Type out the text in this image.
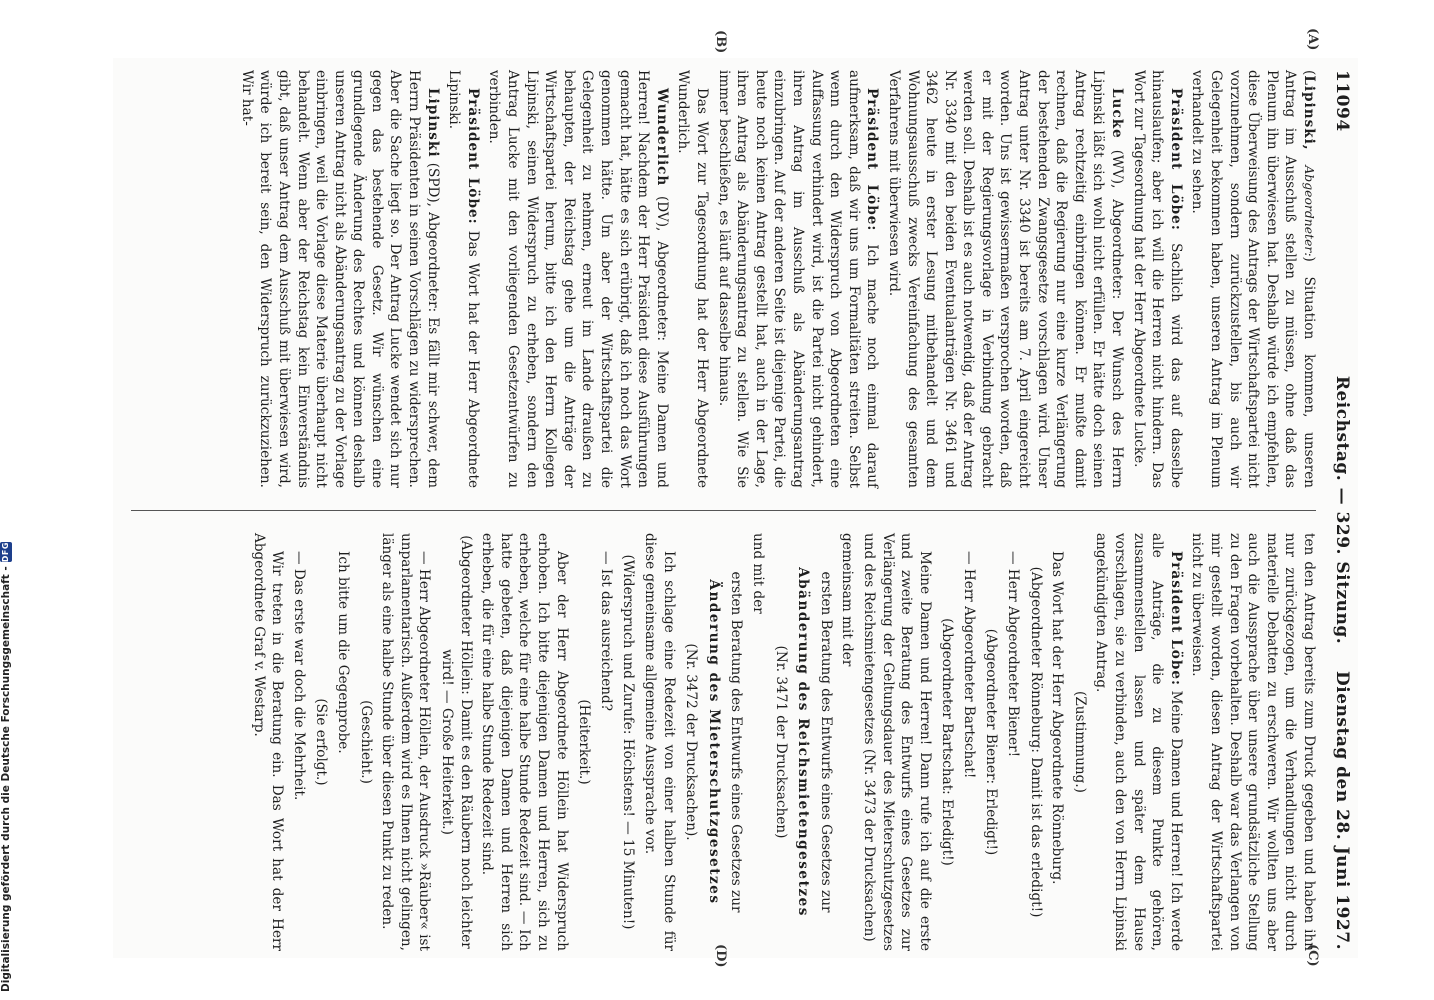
11094
Reichstag. — 329. Sitzung.
Dienstag den 28. Juni 1927.
(A)
(B)
(C)
(D)

(Lipinski, Abgeordneter:) Situation kommen, unseren Antrag im Ausschuß stellen zu müssen, ohne daß das Plenum ihn überwiesen hat. Deshalb würde ich empfehlen, diese Überweisung des Antrags der Wirtschaftspartei nicht vorzunehmen, sondern zurückzustellen, bis auch wir Gelegenheit bekommen haben, unseren Antrag im Plenum verhandelt zu sehen.

Präsident Löbe: Sachlich wird das auf dasselbe hinauslaufen; aber ich will die Herren nicht hindern. Das Wort zur Tagesordnung hat der Herr Abgeordnete Lucke.

Lucke (WV), Abgeordneter: Der Wunsch des Herrn Lipinski läßt sich wohl nicht erfüllen. Er hätte doch seinen Antrag rechtzeitig einbringen können. Er mußte damit rechnen, daß die Regierung nur eine kurze Verlängerung der bestehenden Zwangsgesetze vorschlagen wird. Unser Antrag unter Nr. 3340 ist bereits am 7. April eingereicht worden. Uns ist gewissermaßen versprochen worden, daß er mit der Regierungsvorlage in Verbindung gebracht werden soll. Deshalb ist es auch notwendig, daß der Antrag Nr. 3340 mit den beiden Eventualanträgen Nr. 3461 und 3462 heute in erster Lesung mitbehandelt und dem Wohnungsausschuß zwecks Vereinfachung des gesamten Verfahrens mit überwiesen wird.

Präsident Löbe: Ich mache noch einmal darauf aufmerksam, daß wir uns um Formalitäten streiten. Selbst wenn durch den Widerspruch von Abgeordneten eine Auffassung verhindert wird, ist die Partei nicht gehindert, ihren Antrag im Ausschuß als Abänderungsantrag einzubringen. Auf der anderen Seite ist diejenige Partei, die heute noch keinen Antrag gestellt hat, auch in der Lage, ihren Antrag als Abänderungsantrag zu stellen. Wie Sie immer beschließen, es läuft auf dasselbe hinaus.

Das Wort zur Tagesordnung hat der Herr Abgeordnete Wunderlich.

Wunderlich (DV), Abgeordneter: Meine Damen und Herren! Nachdem der Herr Präsident diese Ausführungen gemacht hat, hätte es sich erübrigt, daß ich noch das Wort genommen hätte. Um aber der Wirtschaftspartei die Gelegenheit zu nehmen, erneut im Lande draußen zu behaupten, der Reichstag gehe um die Anträge der Wirtschaftspartei herum, bitte ich den Herrn Kollegen Lipinski, seinen Widerspruch zu erheben, sondern den Antrag Lucke mit den vorliegenden Gesetzentwürfen zu verbinden.

Präsident Löbe: Das Wort hat der Herr Abgeordnete Lipinski.

Lipinski (SPD), Abgeordneter: Es fällt mir schwer, dem Herrn Präsidenten in seinen Vorschlägen zu widersprechen. Aber die Sache liegt so. Der Antrag Lucke wendet sich nur gegen das bestehende Gesetz. Wir wünschen eine grundlegende Änderung des Rechtes und können deshalb unseren Antrag nicht als Abänderungsantrag zu der Vorlage einbringen, weil die Vorlage diese Materie überhaupt nicht behandelt. Wenn aber der Reichstag kein Einverständnis gibt, daß unser Antrag dem Ausschuß mit überwiesen wird, würde ich bereit sein, den Widerspruch zurückzuziehen. Wir hat-

ten den Antrag bereits zum Druck gegeben und haben ihn nur zurückgezogen, um die Verhandlungen nicht durch materielle Debatten zu erschweren. Wir wollten uns aber auch die Aussprache über unsere grundsätzliche Stellung zu den Fragen vorbehalten. Deshalb war das Verlangen von mir gestellt worden, diesen Antrag der Wirtschaftspartei nicht zu überweisen.

Präsident Löbe: Meine Damen und Herren! Ich werde alle Anträge, die zu diesem Punkte gehören, zusammenstellen lassen und später dem Hause vorschlagen, sie zu verbinden, auch den von Herrn Lipinski angekündigten Antrag.

(Zustimmung.)

Das Wort hat der Herr Abgeordnete Rönneburg.

(Abgeordneter Rönneburg: Damit ist das erledigt!)

— Herr Abgeordneter Biener!

(Abgeordneter Biener: Erledigt!)

— Herr Abgeordneter Bartschat!

(Abgeordneter Bartschat: Erledigt!)

Meine Damen und Herren! Dann rufe ich auf die erste und zweite Beratung des Entwurfs eines Gesetzes zur Verlängerung der Geltungsdauer des Mieterschutzgesetzes und des Reichsmietengesetzes (Nr. 3473 der Drucksachen)

gemeinsam mit der

ersten Beratung des Entwurfs eines Gesetzes zur

Abänderung des Reichsmietengesetzes

(Nr. 3471 der Drucksachen)

und mit der

ersten Beratung des Entwurfs eines Gesetzes zur

Änderung des Mieterschutzgesetzes

(Nr. 3472 der Drucksachen).

Ich schlage eine Redezeit von einer halben Stunde für diese gemeinsame allgemeine Aussprache vor.

(Widerspruch und Zurufe: Höchstens! — 15 Minuten!)

— Ist das ausreichend?

(Heiterkeit.)

Aber der Herr Abgeordnete Höllein hat Widerspruch erhoben. Ich bitte diejenigen Damen und Herren, sich zu erheben, welche für eine halbe Stunde Redezeit sind. — Ich hatte gebeten, daß diejenigen Damen und Herren sich erheben, die für eine halbe Stunde Redezeit sind.

(Abgeordneter Höllein: Damit es den Räubern noch leichter wird! — Große Heiterkeit.)

— Herr Abgeordneter Höllein, der Ausdruck »Räuber« ist unparlamentarisch. Außerdem wird es Ihnen nicht gelingen, länger als eine halbe Stunde über diesen Punkt zu reden.

(Geschieht.)

Ich bitte um die Gegenprobe.

(Sie erfolgt.)

— Das erste war doch die Mehrheit.

Wir treten in die Beratung ein. Das Wort hat der Herr Abgeordnete Graf v. Westarp.

Digitalisierung gefördert durch die Deutsche Forschungsgemeinschaft -
DFG
